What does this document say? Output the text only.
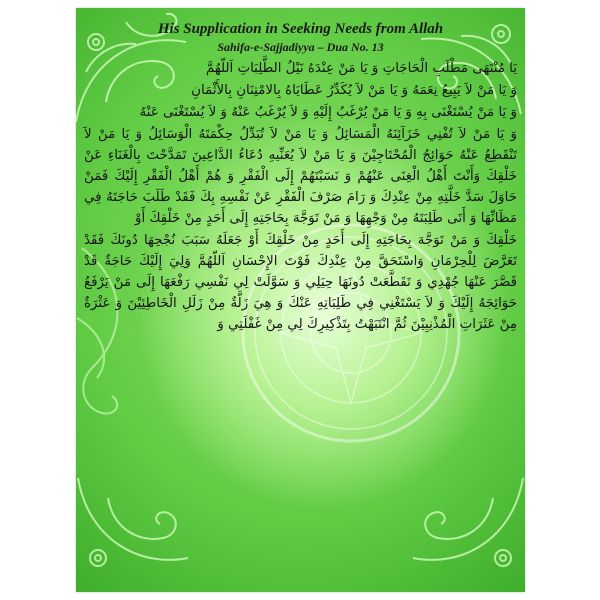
His Supplication in Seeking Needs from Allah
Sahifa-e-Sajjadiyya – Dua No. 13

يَا مُنْتَهَى مَطْلَبِ الْحَاجَاتِ وَ يَا مَنْ عِنْدَهُ نَيْلُ الطَّلِبَاتِ اَللّهُمَّ

وَ يَا مَنْ لاَ يَبِيعُ نِعَمَهُ وَ يَا مَنْ لاَ يُكَدِّرُ عَطَايَاهُ بِالامْتِنَانِ بِالأَثْمَانِ

وَ يَا مَنْ يُسْتَغْنَى بِهِ وَ يَا مَنْ يُرْغَبُ إِلَيْهِ وَ لاَ يُرْغَبُ عَنْهُ وَ لاَ يُسْتَغْنَى عَنْهُ

وَ يَا مَنْ لاَ تُفْنِي خَزَآئِنَهُ الْمَسَائِلُ وَ يَا مَنْ لاَ تُبَدِّلُ حِكْمَتَهُ الْوَسَائِلُ وَ يَا مَنْ لاَ تَنْقَطِعُ عَنْهُ حَوَائِجُ الْمُحْتَاجِيْنَ وَ يَا مَنْ لاَ يُعَنِّيهِ دُعَاءُ الدَّاعِينَ تَمَدَّحْتَ بِالْغَنَاءِ عَنْ خَلْقِكَ وَأَنْتَ أَهْلُ الْغِنَى عَنْهُمْ وَ نَسَبْتَهُمْ إِلَى الْفَقْرِ وَ هُمْ أَهْلُ الْفَقْرِ إِلَيْكَ فَمَنْ حَاوَلَ سَدَّ خَلَّتِهِ مِنْ عِنْدِكَ وَ رَامَ صَرْفَ الْفَقْرِ عَنْ نَفْسِهِ بِكَ فَقَدْ طَلَبَ حَاجَتَهُ فِي مَظَانِّهَا وَ أَتَى طَلِبَتَهُ مِنْ وَجْهِهَا وَ مَنْ تَوَجَّهَ بِحَاجَتِهِ إِلَى أَحَدٍ مِنْ خَلْقِكَ أَوْ

خَلْقِكَ وَ مَنْ تَوَجَّهَ بِحَاجَتِهِ إِلَى أَحَدٍ مِنْ خَلْقِكَ أَوْ جَعَلَهُ سَبَبَ نُجْحِهَا دُونَكَ فَقَدْ تَعَرَّضَ لِلْحِرْمَانِ وَاسْتَحَقَّ مِنْ عِنْدِكَ فَوْتَ الإِحْسَانِ اَللّهُمَّ وَلِيَ إِلَيْكَ حَاجَةٌ قَدْ قَصَّرَ عَنْهَا جُهْدِي وَ تَقَطَّعَتْ دُونَهَا حِيَلِي وَ سَوَّلَتْ لِي نَفْسِي رَفْعَهَا إِلَى مَنْ يَرْفَعُ حَوَائِجَهُ إِلَيْكَ وَ لاَ يَسْتَغْنِي فِي طَلِبَاتِهِ عَنْكَ وَ هِيَ زَلَّةٌ مِنْ زَلَلِ الْخَاطِئِيْنَ وَ عَثْرَةٌ مِنْ عَثَرَاتِ الْمُذْنِبِيْنَ ثُمَّ انْتَبَهْتُ بِتَذْكِيرِكَ لِي مِنْ غَفْلَتِي وَ
